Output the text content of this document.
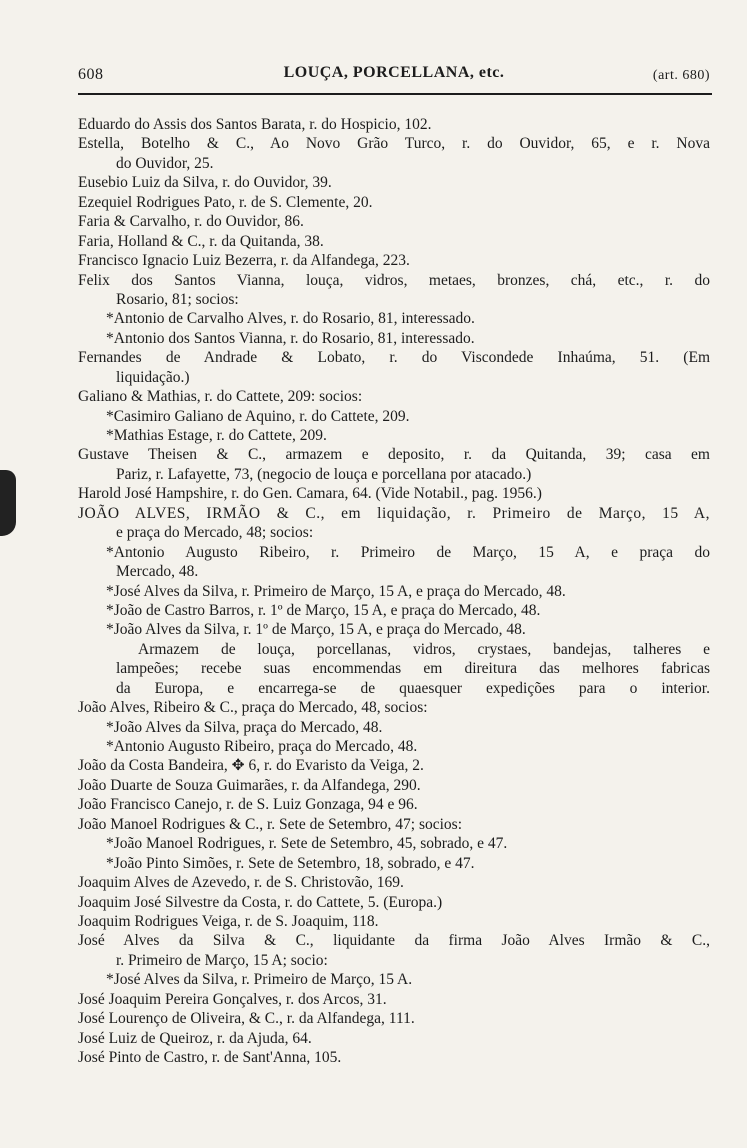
608	LOUÇA, PORCELLANA, etc.	(art. 680)
Eduardo do Assis dos Santos Barata, r. do Hospicio, 102.
Estella, Botelho & C., Ao Novo Grão Turco, r. do Ouvidor, 65, e r. Nova
do Ouvidor, 25.
Eusebio Luiz da Silva, r. do Ouvidor, 39.
Ezequiel Rodrigues Pato, r. de S. Clemente, 20.
Faria & Carvalho, r. do Ouvidor, 86.
Faria, Holland & C., r. da Quitanda, 38.
Francisco Ignacio Luiz Bezerra, r. da Alfandega, 223.
Felix dos Santos Vianna, louça, vidros, metaes, bronzes, chá, etc., r. do
Rosario, 81; socios:
*Antonio de Carvalho Alves, r. do Rosario, 81, interessado.
*Antonio dos Santos Vianna, r. do Rosario, 81, interessado.
Fernandes de Andrade & Lobato, r. do Viscondede Inhaúma, 51. (Em
liquidação.)
Galiano & Mathias, r. do Cattete, 209: socios:
*Casimiro Galiano de Aquino, r. do Cattete, 209.
*Mathias Estage, r. do Cattete, 209.
Gustave Theisen & C., armazem e deposito, r. da Quitanda, 39; casa em
Pariz, r. Lafayette, 73, (negocio de louça e porcellana por atacado.)
Harold José Hampshire, r. do Gen. Camara, 64. (Vide Notabil., pag. 1956.)
JOÃO ALVES, IRMÃO & C., em liquidação, r. Primeiro de Março, 15 A,
e praça do Mercado, 48; socios:
*Antonio Augusto Ribeiro, r. Primeiro de Março, 15 A, e praça do
Mercado, 48.
*José Alves da Silva, r. Primeiro de Março, 15 A, e praça do Mercado, 48.
*João de Castro Barros, r. 1º de Março, 15 A, e praça do Mercado, 48.
*João Alves da Silva, r. 1º de Março, 15 A, e praça do Mercado, 48.
Armazem de louça, porcellanas, vidros, crystaes, bandejas, talheres e
lampeões; recebe suas encommendas em direitura das melhores fabricas
da Europa, e encarrega-se de quaesquer expedições para o interior.
João Alves, Ribeiro & C., praça do Mercado, 48, socios:
*João Alves da Silva, praça do Mercado, 48.
*Antonio Augusto Ribeiro, praça do Mercado, 48.
João da Costa Bandeira, ✥ 6, r. do Evaristo da Veiga, 2.
João Duarte de Souza Guimarães, r. da Alfandega, 290.
João Francisco Canejo, r. de S. Luiz Gonzaga, 94 e 96.
João Manoel Rodrigues & C., r. Sete de Setembro, 47; socios:
*João Manoel Rodrigues, r. Sete de Setembro, 45, sobrado, e 47.
*João Pinto Simões, r. Sete de Setembro, 18, sobrado, e 47.
Joaquim Alves de Azevedo, r. de S. Christovão, 169.
Joaquim José Silvestre da Costa, r. do Cattete, 5. (Europa.)
Joaquim Rodrigues Veiga, r. de S. Joaquim, 118.
José Alves da Silva & C., liquidante da firma João Alves Irmão & C.,
r. Primeiro de Março, 15 A; socio:
*José Alves da Silva, r. Primeiro de Março, 15 A.
José Joaquim Pereira Gonçalves, r. dos Arcos, 31.
José Lourenço de Oliveira, & C., r. da Alfandega, 111.
José Luiz de Queiroz, r. da Ajuda, 64.
José Pinto de Castro, r. de Sant'Anna, 105.
